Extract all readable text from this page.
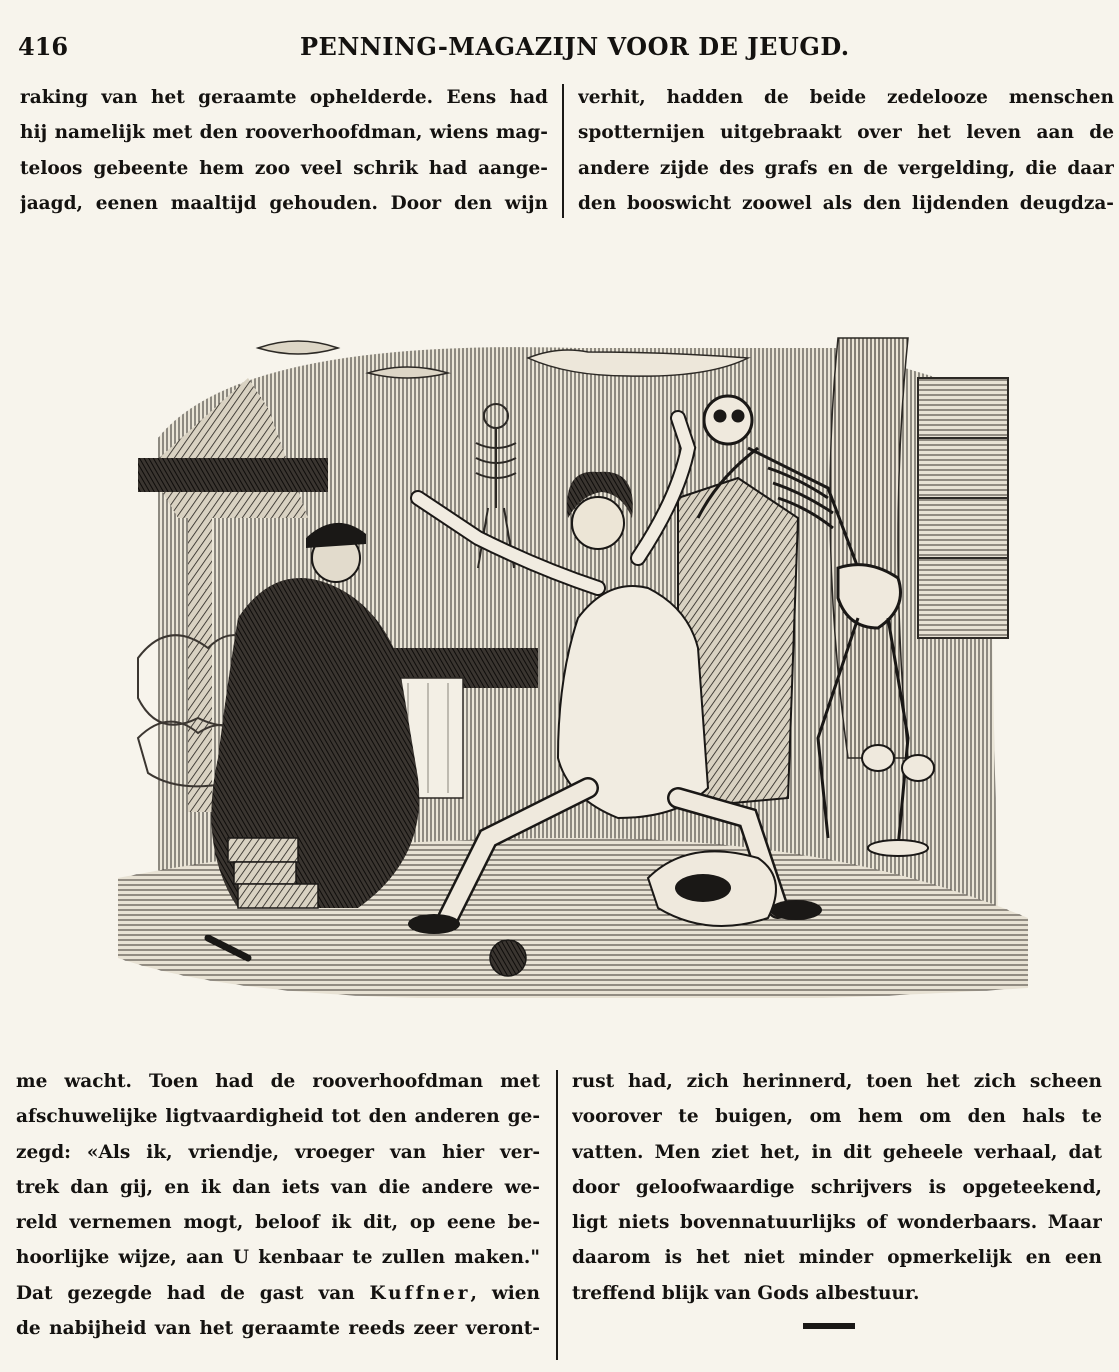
416	PENNING-MAGAZIJN VOOR DE JEUGD.
raking van het geraamte ophelderde. Eens had
hij namelijk met den rooverhoofdman, wiens mag-
teloos gebeente hem zoo veel schrik had aange-
jaagd, eenen maaltijd gehouden. Door den wijn
verhit, hadden de beide zedelooze menschen
spotternijen uitgebraakt over het leven aan de
andere zijde des grafs en de vergelding, die daar
den booswicht zoowel als den lijdenden deugdza-
me wacht. Toen had de rooverhoofdman met
afschuwelijke ligtvaardigheid tot den anderen ge-
zegd: «Als ik, vriendje, vroeger van hier ver-
trek dan gij, en ik dan iets van die andere we-
reld vernemen mogt, beloof ik dit, op eene be-
hoorlijke wijze, aan U kenbaar te zullen maken."
Dat gezegde had de gast van Kuffner, wien
de nabijheid van het geraamte reeds zeer veront-
rust had, zich herinnerd, toen het zich scheen
voorover te buigen, om hem om den hals te
vatten. Men ziet het, in dit geheele verhaal, dat
door geloofwaardige schrijvers is opgeteekend,
ligt niets bovennatuurlijks of wonderbaars. Maar
daarom is het niet minder opmerkelijk en een
treffend blijk van Gods albestuur.
